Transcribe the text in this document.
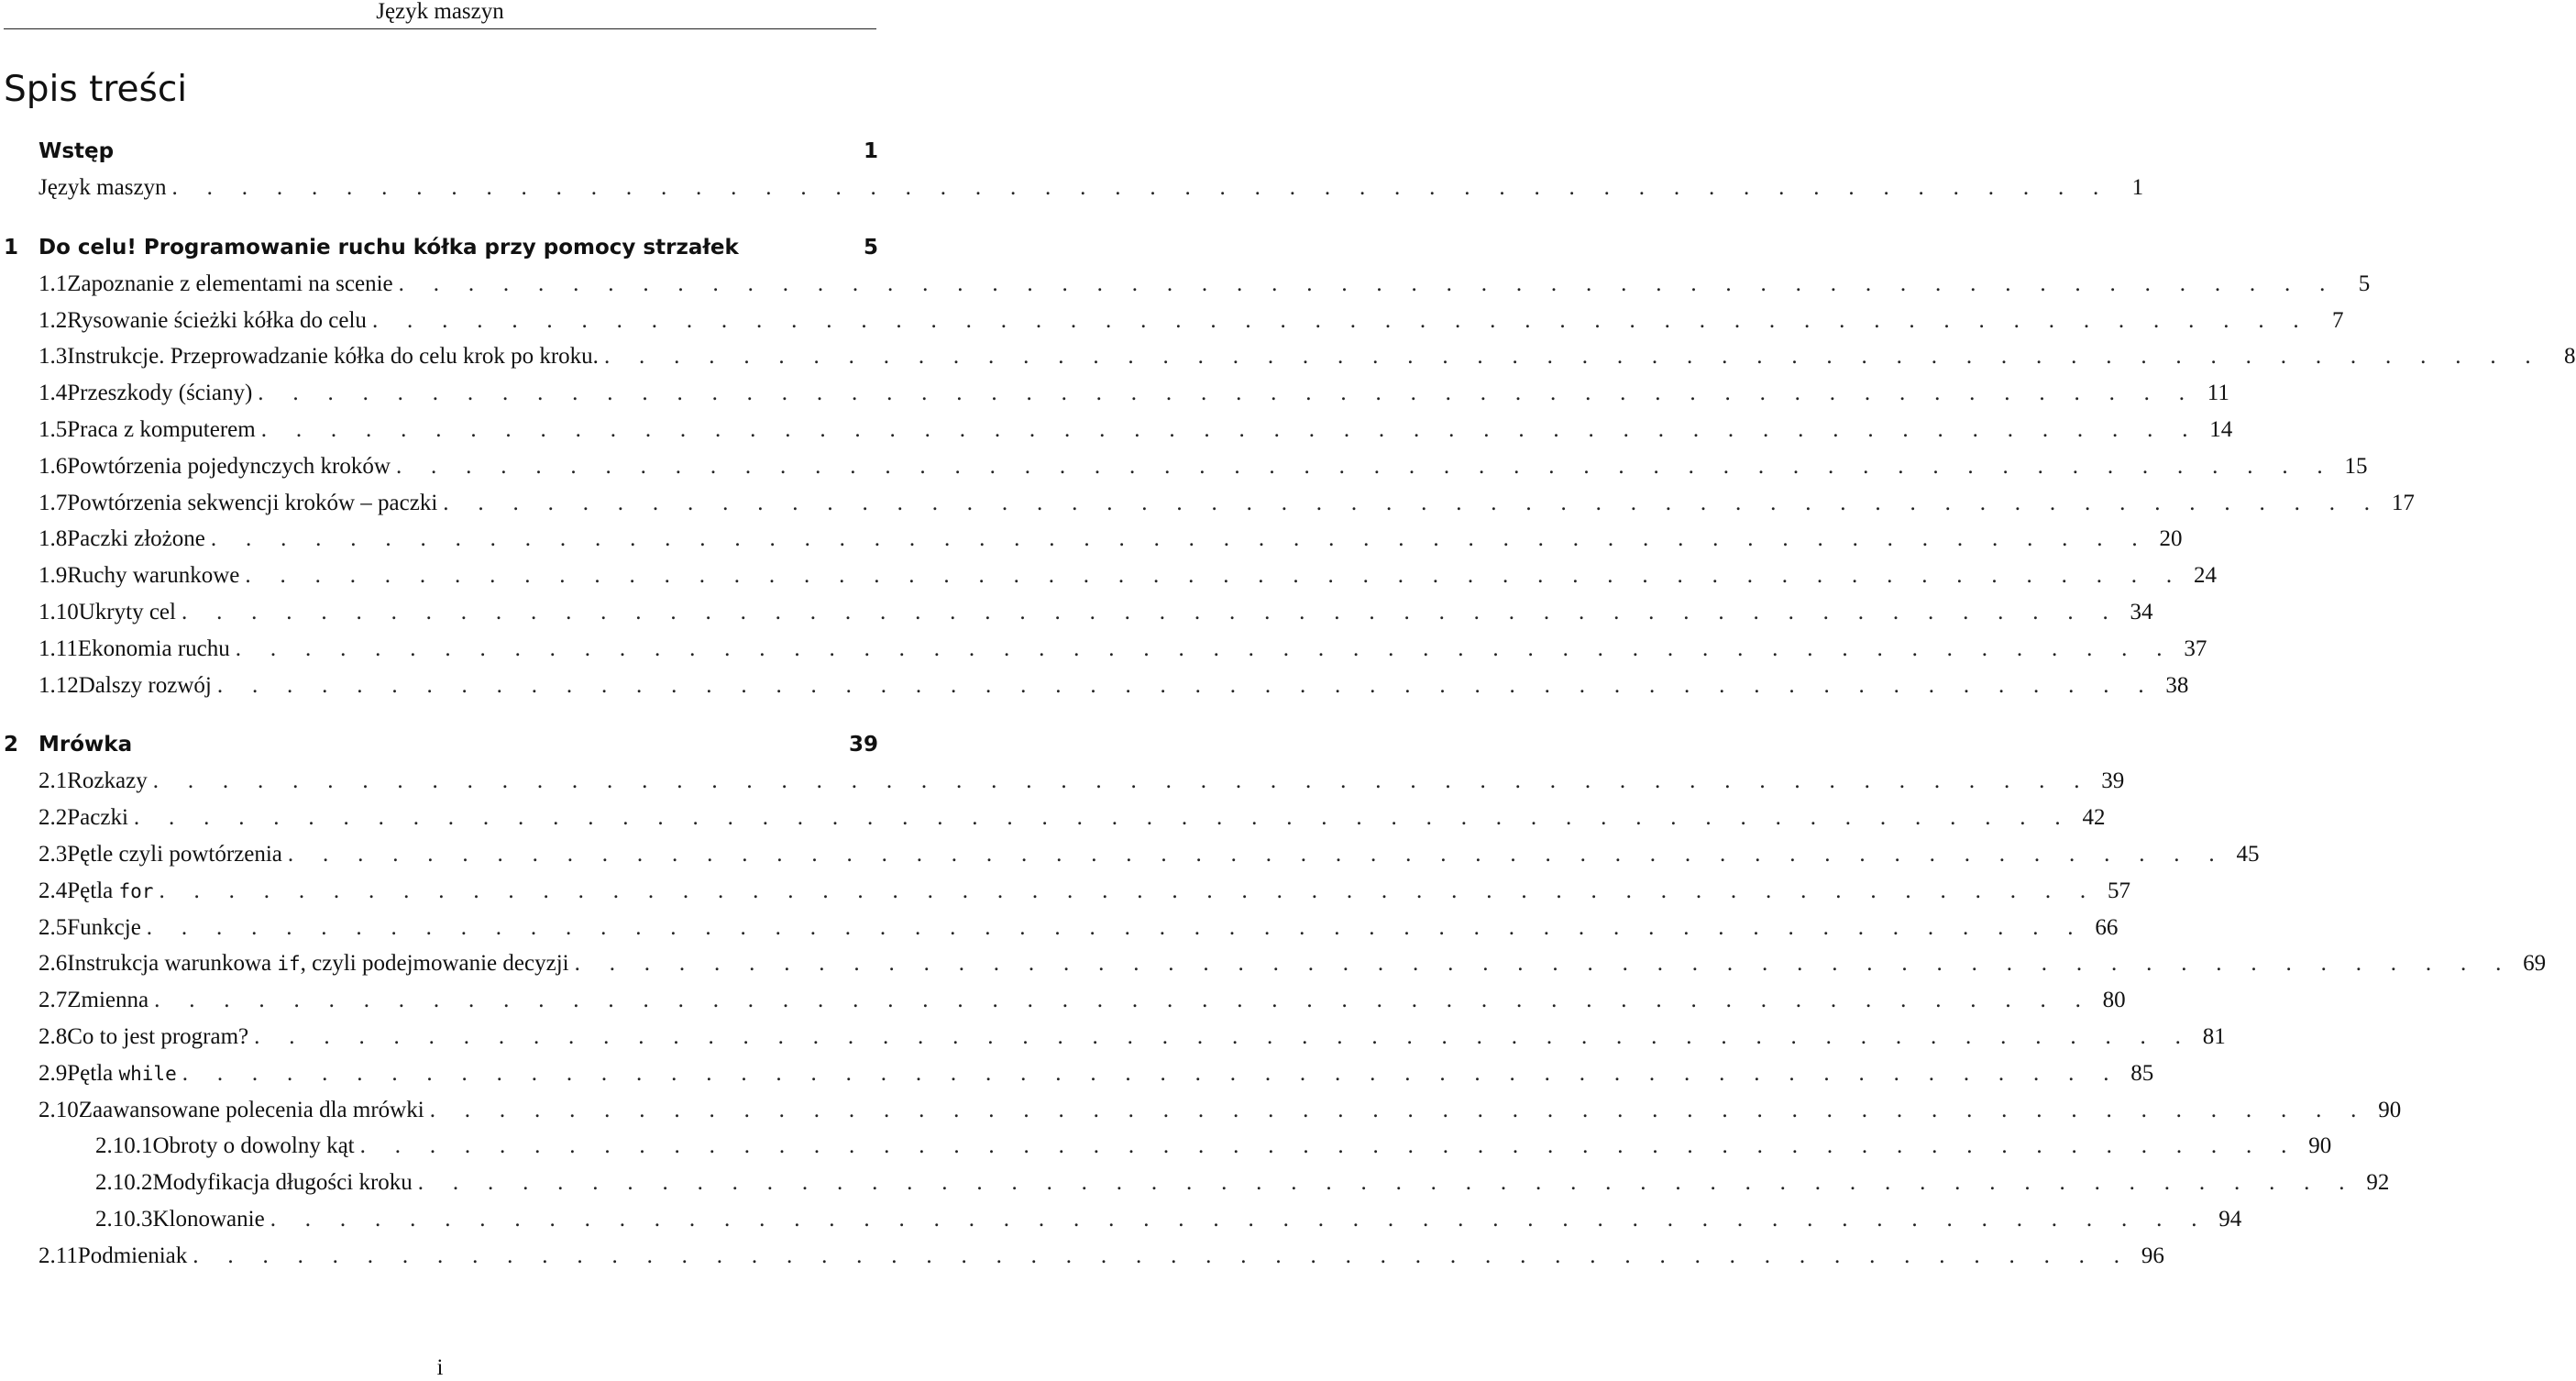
Język maszyn
Spis treści
Wstęp	1
Język maszyn . . . . . . . . . . . . . . . . . . . . . . . . . . . . . . . . . . . . . . . . . . . . . . . . . . . . . . . . 1
1 Do celu! Programowanie ruchu kółka przy pomocy strzałek	5
1.1 Zapoznanie z elementami na scenie . . . . . . . . . . . . . . . . . . . . . . . . . . . . . . . . . . . . . . . . . . . . . . . . . . . . . . . . 5
1.2 Rysowanie ścieżki kółka do celu . . . . . . . . . . . . . . . . . . . . . . . . . . . . . . . . . . . . . . . . . . . . . . . . . . . . . . . . 7
1.3 Instrukcje. Przeprowadzanie kółka do celu krok po kroku. . . . . . . . . . . . . . . . . . . . . . . . . . . . . . . . . . . . . . . . . . . . . . . . . . . . . . . . . 8
1.4 Przeszkody (ściany) . . . . . . . . . . . . . . . . . . . . . . . . . . . . . . . . . . . . . . . . . . . . . . . . . . . . . . . . 11
1.5 Praca z komputerem . . . . . . . . . . . . . . . . . . . . . . . . . . . . . . . . . . . . . . . . . . . . . . . . . . . . . . . . 14
1.6 Powtórzenia pojedynczych kroków . . . . . . . . . . . . . . . . . . . . . . . . . . . . . . . . . . . . . . . . . . . . . . . . . . . . . . . . 15
1.7 Powtórzenia sekwencji kroków – paczki . . . . . . . . . . . . . . . . . . . . . . . . . . . . . . . . . . . . . . . . . . . . . . . . . . . . . . . . 17
1.8 Paczki złożone . . . . . . . . . . . . . . . . . . . . . . . . . . . . . . . . . . . . . . . . . . . . . . . . . . . . . . . . 20
1.9 Ruchy warunkowe . . . . . . . . . . . . . . . . . . . . . . . . . . . . . . . . . . . . . . . . . . . . . . . . . . . . . . . . 24
1.10 Ukryty cel . . . . . . . . . . . . . . . . . . . . . . . . . . . . . . . . . . . . . . . . . . . . . . . . . . . . . . . . 34
1.11 Ekonomia ruchu . . . . . . . . . . . . . . . . . . . . . . . . . . . . . . . . . . . . . . . . . . . . . . . . . . . . . . . . 37
1.12 Dalszy rozwój . . . . . . . . . . . . . . . . . . . . . . . . . . . . . . . . . . . . . . . . . . . . . . . . . . . . . . . . 38
2 Mrówka	39
2.1 Rozkazy . . . . . . . . . . . . . . . . . . . . . . . . . . . . . . . . . . . . . . . . . . . . . . . . . . . . . . . . 39
2.2 Paczki . . . . . . . . . . . . . . . . . . . . . . . . . . . . . . . . . . . . . . . . . . . . . . . . . . . . . . . . 42
2.3 Pętle czyli powtórzenia . . . . . . . . . . . . . . . . . . . . . . . . . . . . . . . . . . . . . . . . . . . . . . . . . . . . . . . . 45
2.4 Pętla for . . . . . . . . . . . . . . . . . . . . . . . . . . . . . . . . . . . . . . . . . . . . . . . . . . . . . . . . 57
2.5 Funkcje . . . . . . . . . . . . . . . . . . . . . . . . . . . . . . . . . . . . . . . . . . . . . . . . . . . . . . . . 66
2.6 Instrukcja warunkowa if, czyli podejmowanie decyzji . . . . . . . . . . . . . . . . . . . . . . . . . . . . . . . . . . . . . . . . . . . . . . . . . . . . . . . . 69
2.7 Zmienna . . . . . . . . . . . . . . . . . . . . . . . . . . . . . . . . . . . . . . . . . . . . . . . . . . . . . . . . 80
2.8 Co to jest program? . . . . . . . . . . . . . . . . . . . . . . . . . . . . . . . . . . . . . . . . . . . . . . . . . . . . . . . . 81
2.9 Pętla while . . . . . . . . . . . . . . . . . . . . . . . . . . . . . . . . . . . . . . . . . . . . . . . . . . . . . . . . 85
2.10 Zaawansowane polecenia dla mrówki . . . . . . . . . . . . . . . . . . . . . . . . . . . . . . . . . . . . . . . . . . . . . . . . . . . . . . . . 90
2.10.1 Obroty o dowolny kąt . . . . . . . . . . . . . . . . . . . . . . . . . . . . . . . . . . . . . . . . . . . . . . . . . . . . . . . . 90
2.10.2 Modyfikacja długości kroku . . . . . . . . . . . . . . . . . . . . . . . . . . . . . . . . . . . . . . . . . . . . . . . . . . . . . . . . 92
2.10.3 Klonowanie . . . . . . . . . . . . . . . . . . . . . . . . . . . . . . . . . . . . . . . . . . . . . . . . . . . . . . . . 94
2.11 Podmieniak . . . . . . . . . . . . . . . . . . . . . . . . . . . . . . . . . . . . . . . . . . . . . . . . . . . . . . . . 96
i
